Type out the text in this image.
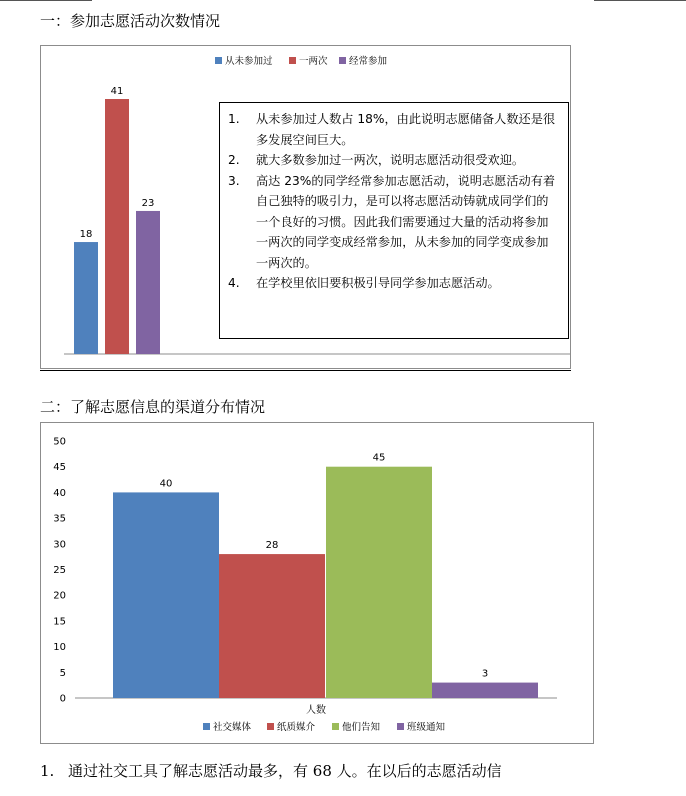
一：参加志愿活动次数情况
18
41
23
从未参加过	一两次 经常参加
1.	从未参加过人数占 18%，由此说明志愿储备人数还是很多发展空间巨大。
2.	就大多数参加过一两次，说明志愿活动很受欢迎。
3.	高达 23%的同学经常参加志愿活动，说明志愿活动有着自己独特的吸引力，是可以将志愿活动铸就成同学们的一个良好的习惯。因此我们需要通过大量的活动将参加一两次的同学变成经常参加，从未参加的同学变成参加一两次的。
4.	在学校里依旧要积极引导同学参加志愿活动。
二：了解志愿信息的渠道分布情况
0
5
10
15
20
25
30
35
40
45
50
40
28
45
3
人数
社交媒体	纸质媒介	他们告知	班级通知
1. 通过社交工具了解志愿活动最多，有 68 人。在以后的志愿活动信
